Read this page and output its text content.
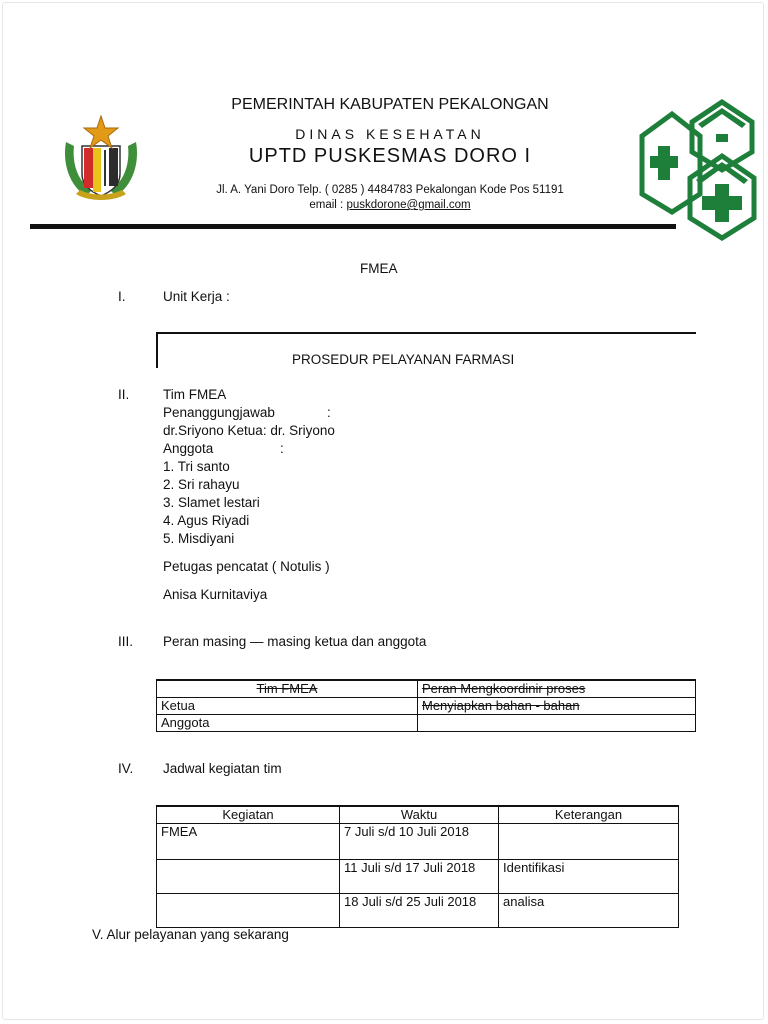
PEMERINTAH KABUPATEN PEKALONGAN
DINAS KESEHATAN
UPTD PUSKESMAS DORO I
Jl. A. Yani Doro Telp. ( 0285 ) 4484783 Pekalongan Kode Pos 51191
email : puskdorone@gmail.com
FMEA
I.	Unit Kerja :
PROSEDUR PELAYANAN FARMASI
II. Tim FMEA
Penanggungjawab	:
dr.Sriyono Ketua: dr. Sriyono
Anggota	:
1. Tri santo
2. Sri rahayu
3. Slamet lestari
4. Agus Riyadi
5. Misdiyani
Petugas pencatat ( Notulis )
Anisa Kurnitaviya
III. Peran masing — masing ketua dan anggota
Tim FMEA	Peran Mengkoordinir proses
Ketua	Menyiapkan bahan - bahan
Anggota	
IV. Jadwal kegiatan tim
Kegiatan	Waktu	Keterangan
FMEA	7 Juli s/d 10 Juli 2018	
	11 Juli s/d 17 Juli 2018	Identifikasi
	18 Juli s/d 25 Juli 2018	analisa
V. Alur pelayanan yang sekarang
